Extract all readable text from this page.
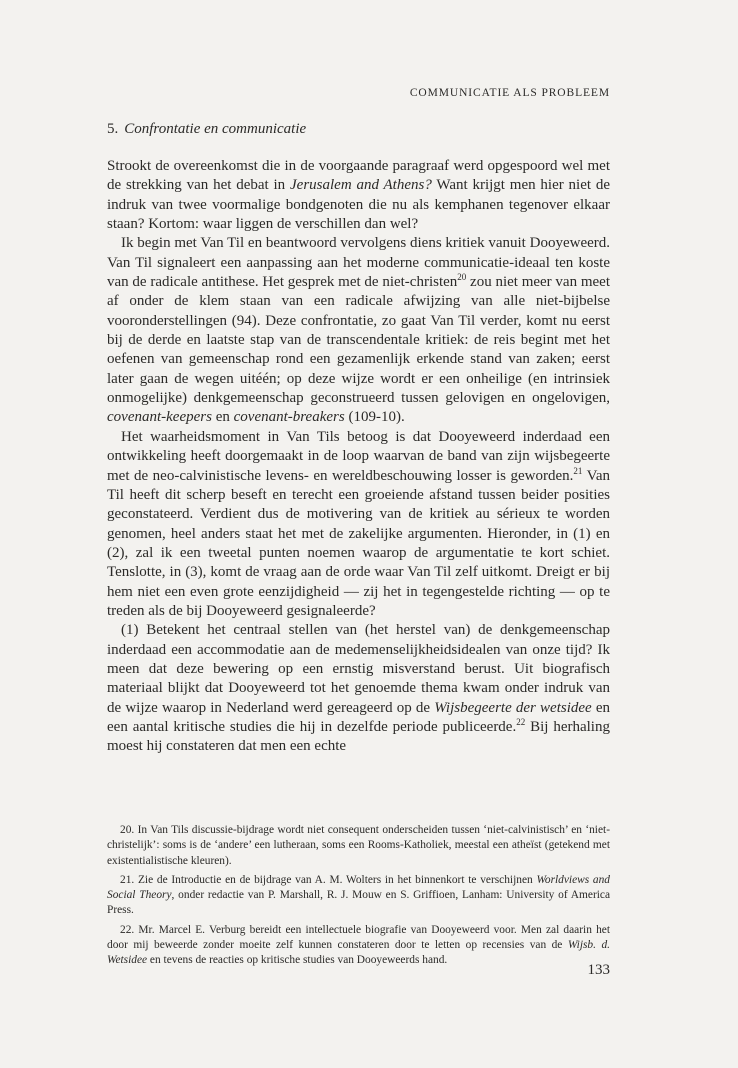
COMMUNICATIE ALS PROBLEEM
5. Confrontatie en communicatie

Strookt de overeenkomst die in de voorgaande paragraaf werd opgespoord wel met de strekking van het debat in Jerusalem and Athens? Want krijgt men hier niet de indruk van twee voormalige bondgenoten die nu als kemphanen tegenover elkaar staan? Kortom: waar liggen de verschillen dan wel?

Ik begin met Van Til en beantwoord vervolgens diens kritiek vanuit Dooyeweerd. Van Til signaleert een aanpassing aan het moderne communicatie-ideaal ten koste van de radicale antithese. Het gesprek met de niet-christen$^{20}$ zou niet meer van meet af onder de klem staan van een radicale afwijzing van alle niet-bijbelse vooronderstellingen (94). Deze confrontatie, zo gaat Van Til verder, komt nu eerst bij de derde en laatste stap van de transcendentale kritiek: de reis begint met het oefenen van gemeenschap rond een gezamenlijk erkende stand van zaken; eerst later gaan de wegen uitéén; op deze wijze wordt er een onheilige (en intrinsiek onmogelijke) denkgemeenschap geconstrueerd tussen gelovigen en ongelovigen, covenant-keepers en covenant-breakers (109-10).

Het waarheidsmoment in Van Tils betoog is dat Dooyeweerd inderdaad een ontwikkeling heeft doorgemaakt in de loop waarvan de band van zijn wijsbegeerte met de neo-calvinistische levens- en wereldbeschouwing losser is geworden.$^{21}$ Van Til heeft dit scherp beseft en terecht een groeiende afstand tussen beider posities geconstateerd. Verdient dus de motivering van de kritiek au sérieux te worden genomen, heel anders staat het met de zakelijke argumenten. Hieronder, in (1) en (2), zal ik een tweetal punten noemen waarop de argumentatie te kort schiet. Tenslotte, in (3), komt de vraag aan de orde waar Van Til zelf uitkomt. Dreigt er bij hem niet een even grote eenzijdigheid — zij het in tegengestelde richting — op te treden als de bij Dooyeweerd gesignaleerde?

(1) Betekent het centraal stellen van (het herstel van) de denkgemeenschap inderdaad een accommodatie aan de medemenselijkheidsidealen van onze tijd? Ik meen dat deze bewering op een ernstig misverstand berust. Uit biografisch materiaal blijkt dat Dooyeweerd tot het genoemde thema kwam onder indruk van de wijze waarop in Nederland werd gereageerd op de Wijsbegeerte der wetsidee en een aantal kritische studies die hij in dezelfde periode publiceerde.$^{22}$ Bij herhaling moest hij constateren dat men een echte

20. In Van Tils discussie-bijdrage wordt niet consequent onderscheiden tussen ‘niet-calvinistisch’ en ‘niet-christelijk’: soms is de ‘andere’ een lutheraan, soms een Rooms-Katholiek, meestal een atheïst (getekend met existentialistische kleuren).

21. Zie de Introductie en de bijdrage van A. M. Wolters in het binnenkort te verschijnen Worldviews and Social Theory, onder redactie van P. Marshall, R. J. Mouw en S. Griffioen, Lanham: University of America Press.

22. Mr. Marcel E. Verburg bereidt een intellectuele biografie van Dooyeweerd voor. Men zal daarin het door mij beweerde zonder moeite zelf kunnen constateren door te letten op recensies van de Wijsb. d. Wetsidee en tevens de reacties op kritische studies van Dooyeweerds hand.

133
